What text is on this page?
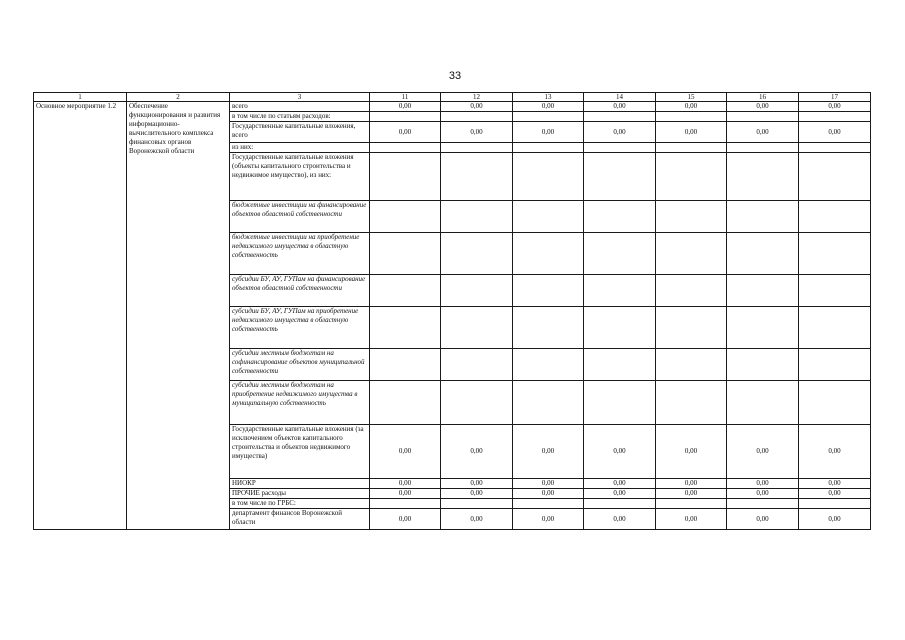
33
1	2	3	11	12	13	14	15	16	17
Основное мероприятие 1.2	Обеспечение функционирования и развития информационно-вычислительного комплекса финансовых органов Воронежской области	всего	0,00	0,00	0,00	0,00	0,00	0,00	0,00
		в том числе по статьям расходов:							
		Государственные капитальные вложения, всего	0,00	0,00	0,00	0,00	0,00	0,00	0,00
		из них:							
		Государственные капитальные вложения (объекты капитального строительства и недвижимое имущество), из них:							
		бюджетные инвестиции на финансирование объектов областной собственности							
		бюджетные инвестиции на приобретение недвижимого имущества в областную собственность							
		субсидии БУ, АУ, ГУПам на финансирование объектов областной собственности							
		субсидии БУ, АУ, ГУПам на приобретение недвижимого имущества в областную собственность							
		субсидии местным бюджетам на софинансирование объектов муниципальной собственности							
		субсидии местным бюджетам на приобретение недвижимого имущества в муниципальную собственность							
		Государственные капитальные вложения (за исключением объектов капитального строительства и объектов недвижимого имущества)	0,00	0,00	0,00	0,00	0,00	0,00	0,00
		НИОКР	0,00	0,00	0,00	0,00	0,00	0,00	0,00
		ПРОЧИЕ расходы	0,00	0,00	0,00	0,00	0,00	0,00	0,00
		в том числе по ГРБС:							
		департамент финансов Воронежской области	0,00	0,00	0,00	0,00	0,00	0,00	0,00
